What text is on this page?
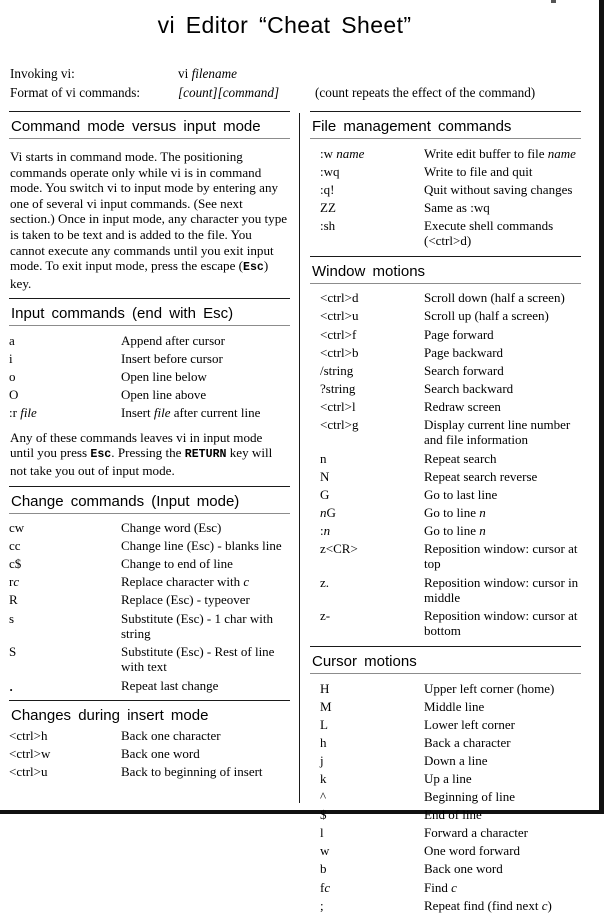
vi Editor “Cheat Sheet”
Invoking vi:	vi filename
Format of vi commands:	[count][command]	(count repeats the effect of the command)
Command mode versus input mode

Vi starts in command mode. The positioning commands operate only while vi is in command mode. You switch vi to input mode by entering any one of several vi input commands. (See next section.) Once in input mode, any character you type is taken to be text and is added to the file. You cannot execute any commands until you exit input mode. To exit input mode, press the escape (Esc) key.

Input commands (end with Esc)
a	Append after cursor
i	Insert before cursor
o	Open line below
O	Open line above
:r file	Insert file after current line

Any of these commands leaves vi in input mode until you press Esc. Pressing the RETURN key will not take you out of input mode.

Change commands (Input mode)
cw	Change word (Esc)
cc	Change line (Esc) - blanks line
c$	Change to end of line
rc	Replace character with c
R	Replace (Esc) - typeover
s	Substitute (Esc) - 1 char with string
S	Substitute (Esc) - Rest of line with text
.	Repeat last change
Changes during insert mode
<ctrl>h	Back one character
<ctrl>w	Back one word
<ctrl>u	Back to beginning of insert
File management commands
:w name	Write edit buffer to file name
:wq	Write to file and quit
:q!	Quit without saving changes
ZZ	Same as :wq
:sh	Execute shell commands (<ctrl>d)
Window motions
<ctrl>d	Scroll down (half a screen)
<ctrl>u	Scroll up (half a screen)
<ctrl>f	Page forward
<ctrl>b	Page backward
/string	Search forward
?string	Search backward
<ctrl>l	Redraw screen
<ctrl>g	Display current line number and file information
n	Repeat search
N	Repeat search reverse
G	Go to last line
nG	Go to line n
:n	Go to line n
z<CR>	Reposition window: cursor at top
z.	Reposition window: cursor in middle
z-	Reposition window: cursor at bottom
Cursor motions
H	Upper left corner (home)
M	Middle line
L	Lower left corner
h	Back a character
j	Down a line
k	Up a line
^	Beginning of line
$	End of line
l	Forward a character
w	One word forward
b	Back one word
fc	Find c
;	Repeat find (find next c)
